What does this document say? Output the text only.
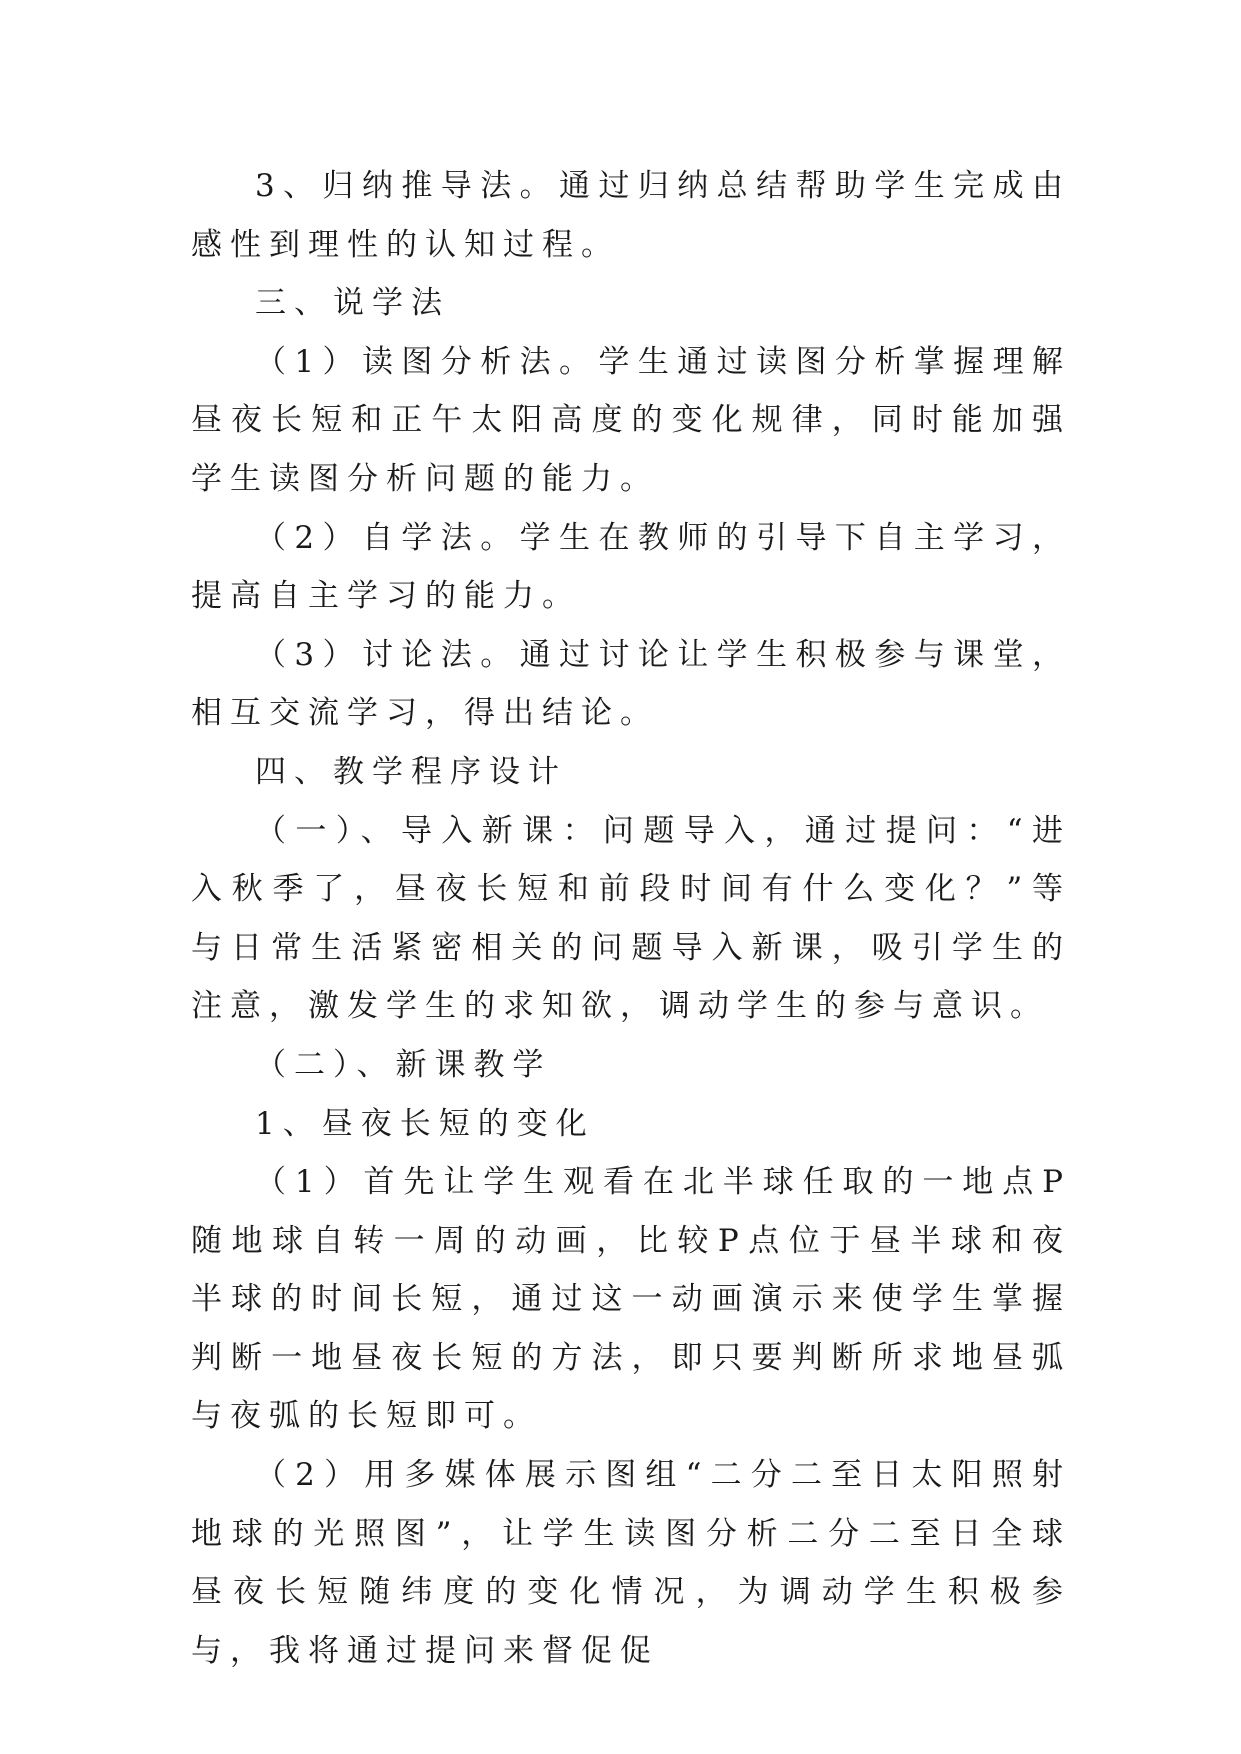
3、归纳推导法。通过归纳总结帮助学生完成由感性到理性的认知过程。

三、说学法

（1）读图分析法。学生通过读图分析掌握理解昼夜长短和正午太阳高度的变化规律，同时能加强学生读图分析问题的能力。

（2）自学法。学生在教师的引导下自主学习，提高自主学习的能力。

（3）讨论法。通过讨论让学生积极参与课堂，相互交流学习，得出结论。

四、教学程序设计

（一）、导入新课：问题导入，通过提问：“进入秋季了，昼夜长短和前段时间有什么变化？”等与日常生活紧密相关的问题导入新课，吸引学生的注意，激发学生的求知欲，调动学生的参与意识。

（二）、新课教学

1、昼夜长短的变化

（1）首先让学生观看在北半球任取的一地点P随地球自转一周的动画，比较P点位于昼半球和夜半球的时间长短，通过这一动画演示来使学生掌握判断一地昼夜长短的方法，即只要判断所求地昼弧与夜弧的长短即可。

（2）用多媒体展示图组“二分二至日太阳照射地球的光照图”，让学生读图分析二分二至日全球昼夜长短随纬度的变化情况，为调动学生积极参与，我将通过提问来督促促
